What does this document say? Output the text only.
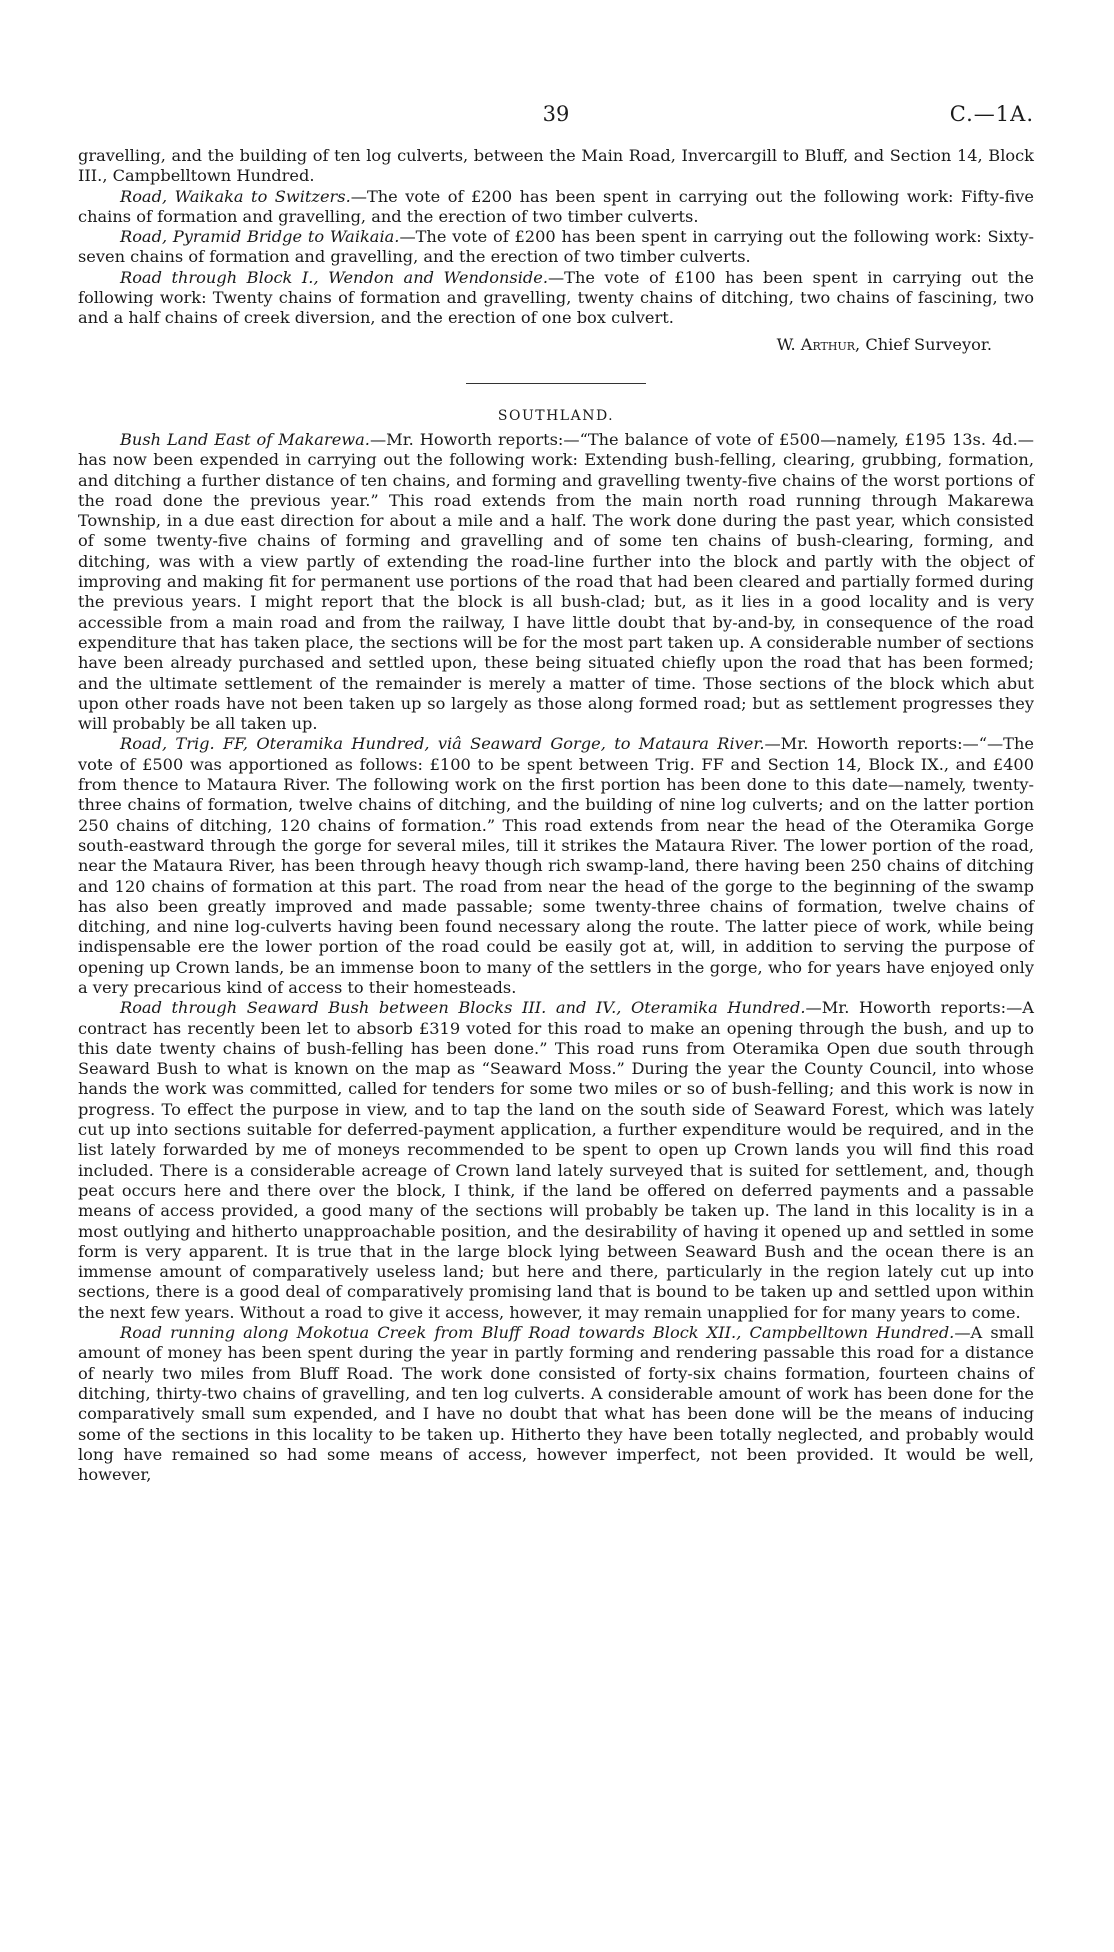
39	C.—1A.

gravelling, and the building of ten log culverts, between the Main Road, Invercargill to Bluff, and Section 14, Block III., Campbelltown Hundred.

Road, Waikaka to Switzers.—The vote of £200 has been spent in carrying out the following work: Fifty-five chains of formation and gravelling, and the erection of two timber culverts.

Road, Pyramid Bridge to Waikaia.—The vote of £200 has been spent in carrying out the following work: Sixty-seven chains of formation and gravelling, and the erection of two timber culverts.

Road through Block I., Wendon and Wendonside.—The vote of £100 has been spent in carrying out the following work: Twenty chains of formation and gravelling, twenty chains of ditching, two chains of fascining, two and a half chains of creek diversion, and the erection of one box culvert.

W. Arthur, Chief Surveyor.
SOUTHLAND.

Bush Land East of Makarewa.—Mr. Howorth reports:—“The balance of vote of £500—namely, £195 13s. 4d.—has now been expended in carrying out the following work: Extending bush-felling, clearing, grubbing, formation, and ditching a further distance of ten chains, and forming and gravelling twenty-five chains of the worst portions of the road done the previous year.” This road extends from the main north road running through Makarewa Township, in a due east direction for about a mile and a half. The work done during the past year, which consisted of some twenty-five chains of forming and gravelling and of some ten chains of bush-clearing, forming, and ditching, was with a view partly of extending the road-line further into the block and partly with the object of improving and making fit for permanent use portions of the road that had been cleared and partially formed during the previous years. I might report that the block is all bush-clad; but, as it lies in a good locality and is very accessible from a main road and from the railway, I have little doubt that by-and-by, in consequence of the road expenditure that has taken place, the sections will be for the most part taken up. A considerable number of sections have been already purchased and settled upon, these being situated chiefly upon the road that has been formed; and the ultimate settlement of the remainder is merely a matter of time. Those sections of the block which abut upon other roads have not been taken up so largely as those along formed road; but as settlement progresses they will probably be all taken up.

Road, Trig. FF, Oteramika Hundred, viâ Seaward Gorge, to Mataura River.—Mr. Howorth reports:—“—The vote of £500 was apportioned as follows: £100 to be spent between Trig. FF and Section 14, Block IX., and £400 from thence to Mataura River. The following work on the first portion has been done to this date—namely, twenty-three chains of formation, twelve chains of ditching, and the building of nine log culverts; and on the latter portion 250 chains of ditching, 120 chains of formation.” This road extends from near the head of the Oteramika Gorge south-eastward through the gorge for several miles, till it strikes the Mataura River. The lower portion of the road, near the Mataura River, has been through heavy though rich swamp-land, there having been 250 chains of ditching and 120 chains of formation at this part. The road from near the head of the gorge to the beginning of the swamp has also been greatly improved and made passable; some twenty-three chains of formation, twelve chains of ditching, and nine log-culverts having been found necessary along the route. The latter piece of work, while being indispensable ere the lower portion of the road could be easily got at, will, in addition to serving the purpose of opening up Crown lands, be an immense boon to many of the settlers in the gorge, who for years have enjoyed only a very precarious kind of access to their homesteads.

Road through Seaward Bush between Blocks III. and IV., Oteramika Hundred.—Mr. Howorth reports:—A contract has recently been let to absorb £319 voted for this road to make an opening through the bush, and up to this date twenty chains of bush-felling has been done.” This road runs from Oteramika Open due south through Seaward Bush to what is known on the map as “Seaward Moss.” During the year the County Council, into whose hands the work was committed, called for tenders for some two miles or so of bush-felling; and this work is now in progress. To effect the purpose in view, and to tap the land on the south side of Seaward Forest, which was lately cut up into sections suitable for deferred-payment application, a further expenditure would be required, and in the list lately forwarded by me of moneys recommended to be spent to open up Crown lands you will find this road included. There is a considerable acreage of Crown land lately surveyed that is suited for settlement, and, though peat occurs here and there over the block, I think, if the land be offered on deferred payments and a passable means of access provided, a good many of the sections will probably be taken up. The land in this locality is in a most outlying and hitherto unapproachable position, and the desirability of having it opened up and settled in some form is very apparent. It is true that in the large block lying between Seaward Bush and the ocean there is an immense amount of comparatively useless land; but here and there, particularly in the region lately cut up into sections, there is a good deal of comparatively promising land that is bound to be taken up and settled upon within the next few years. Without a road to give it access, however, it may remain unapplied for for many years to come.

Road running along Mokotua Creek from Bluff Road towards Block XII., Campbelltown Hundred.—A small amount of money has been spent during the year in partly forming and rendering passable this road for a distance of nearly two miles from Bluff Road. The work done consisted of forty-six chains formation, fourteen chains of ditching, thirty-two chains of gravelling, and ten log culverts. A considerable amount of work has been done for the comparatively small sum expended, and I have no doubt that what has been done will be the means of inducing some of the sections in this locality to be taken up. Hitherto they have been totally neglected, and probably would long have remained so had some means of access, however imperfect, not been provided. It would be well, however,
